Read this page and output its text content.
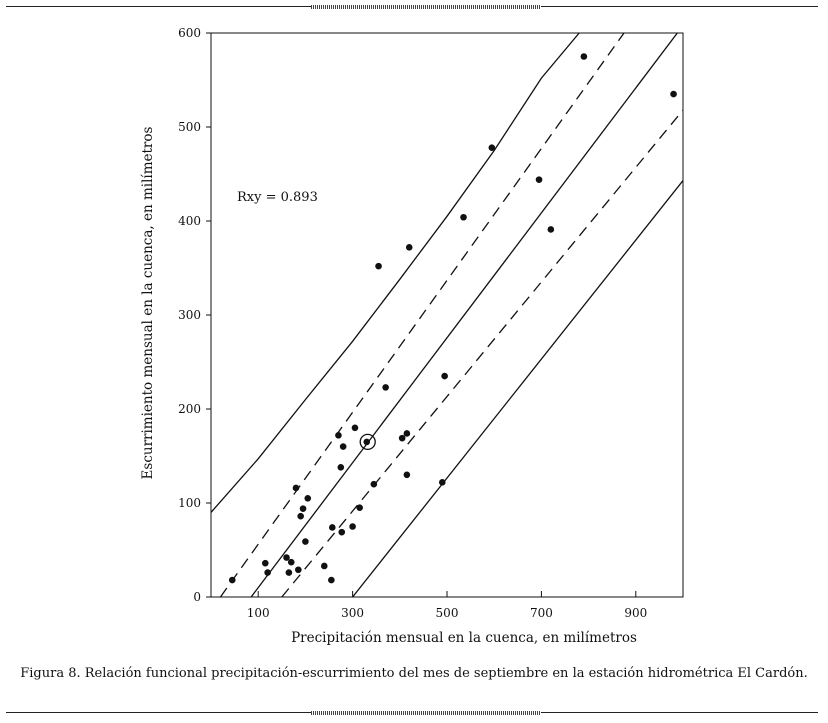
100	300	500	700	900
0
100
200
300
400
500
600
Rxy = 0.893
Precipitación mensual en la cuenca, en milímetros
Escurrimiento mensual en la cuenca, en milímetros
Figura 8. Relación funcional precipitación-escurrimiento del mes de septiembre en la estación hidrométrica El Cardón.
